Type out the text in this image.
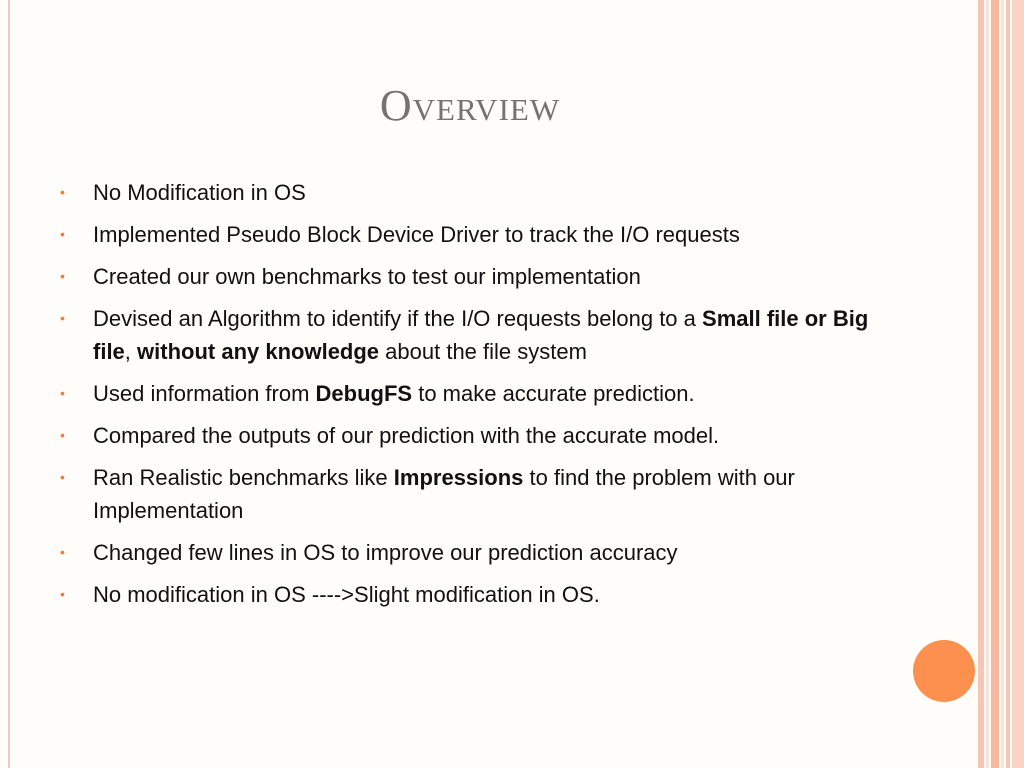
Overview
• No Modification in OS
• Implemented Pseudo Block Device Driver to track the I/O requests
• Created our own benchmarks to test our implementation
• Devised an Algorithm to identify if the I/O requests belong to a Small file or Big file, without any knowledge about the file system
• Used information from DebugFS to make accurate prediction.
• Compared the outputs of our prediction with the accurate model.
• Ran Realistic benchmarks like Impressions to find the problem with our Implementation
• Changed few lines in OS to improve our prediction accuracy
• No modification in OS ---->Slight modification in OS.
